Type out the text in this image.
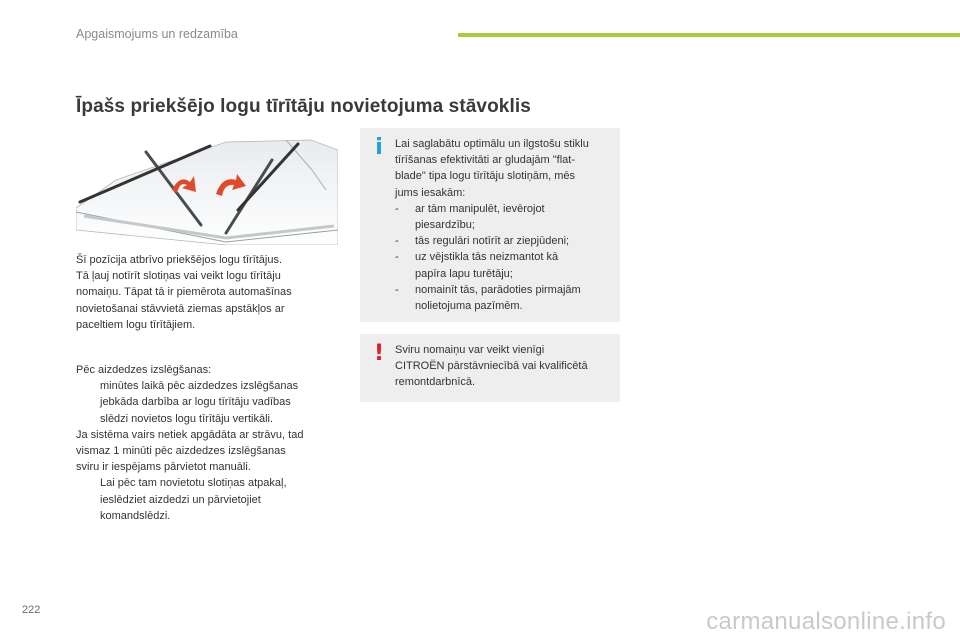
Apgaismojums un redzamība
Īpašs priekšējo logu tīrītāju novietojuma stāvoklis

Šī pozīcija atbrīvo priekšējos logu tīrītājus.

Tā ļauj notīrīt slotiņas vai veikt logu tīrītāju

nomaiņu. Tāpat tā ir piemērota automašīnas

novietošanai stāvvietā ziemas apstākļos ar

paceltiem logu tīrītājiem.

Pēc aizdedzes izslēgšanas:

minūtes laikā pēc aizdedzes izslēgšanas

jebkāda darbība ar logu tīrītāju vadības

slēdzi novietos logu tīrītāju vertikāli.

Ja sistēma vairs netiek apgādāta ar strāvu, tad

vismaz 1 minūti pēc aizdedzes izslēgšanas

sviru ir iespējams pārvietot manuāli.

Lai pēc tam novietotu slotiņas atpakaļ,

ieslēdziet aizdedzi un pārvietojiet

komandslēdzi.

i	Lai saglabātu optimālu un ilgstošu stiklu

tīrīšanas efektivitāti ar gludajām "flat-

blade" tipa logu tīrītāju slotiņām, mēs

jums iesakām:

-	ar tām manipulēt, ievērojot

piesardzību;

-	tās regulāri notīrīt ar ziepjūdeni;

-	uz vējstikla tās neizmantot kā

papīra lapu turētāju;

-	nomainīt tās, parādoties pirmajām

nolietojuma pazīmēm.

! Sviru nomaiņu var veikt vienīgi

CITROËN pārstāvniecībā vai kvalificētā

remontdarbnīcā.

222	carmanualsonline.info
